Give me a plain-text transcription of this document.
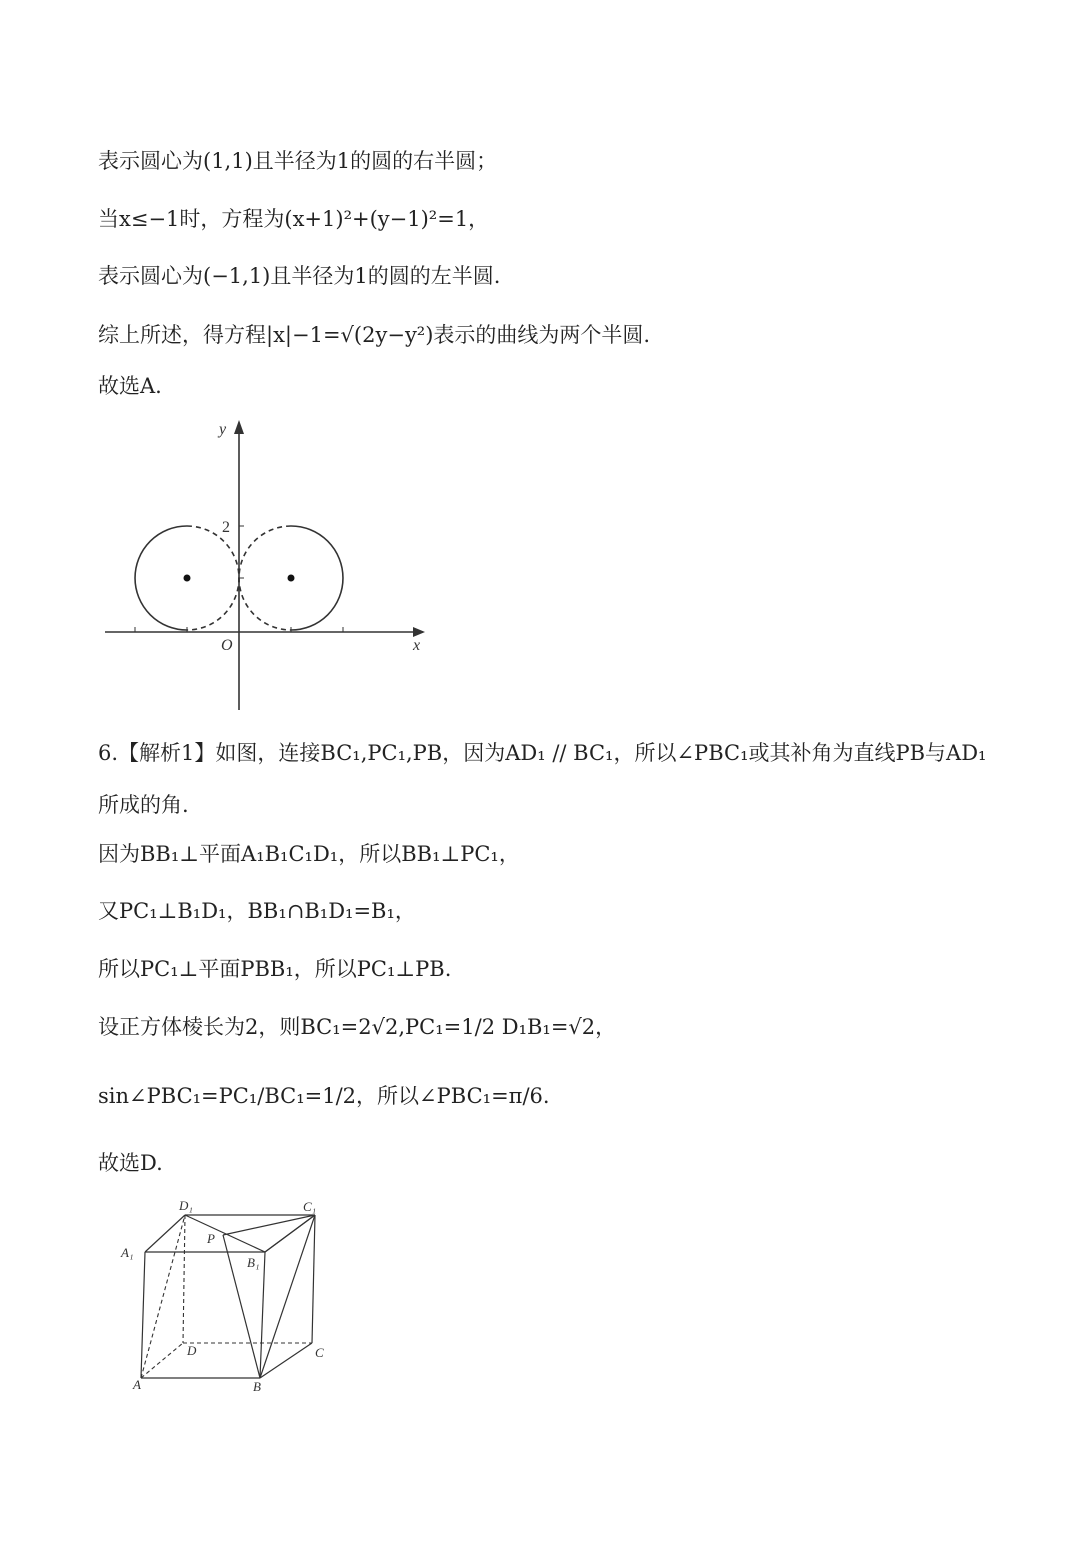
表示圆心为(1,1)且半径为1的圆的右半圆；
当x≤−1时，方程为(x+1)²+(y−1)²=1，
表示圆心为(−1,1)且半径为1的圆的左半圆.
综上所述，得方程|x|−1=√(2y−y²)表示的曲线为两个半圆.
故选A.
y
x
O
2
6.【解析1】如图，连接BC₁,PC₁,PB，因为AD₁ // BC₁，所以∠PBC₁或其补角为直线PB与AD₁
所成的角.
因为BB₁⊥平面A₁B₁C₁D₁，所以BB₁⊥PC₁，
又PC₁⊥B₁D₁，BB₁∩B₁D₁=B₁，
所以PC₁⊥平面PBB₁，所以PC₁⊥PB.
设正方体棱长为2，则BC₁=2√2,PC₁=1/2 D₁B₁=√2，
sin∠PBC₁=PC₁/BC₁=1/2，所以∠PBC₁=π/6.
故选D.
D₁	C₁
A₁
B₁
P
D	C
A	B
